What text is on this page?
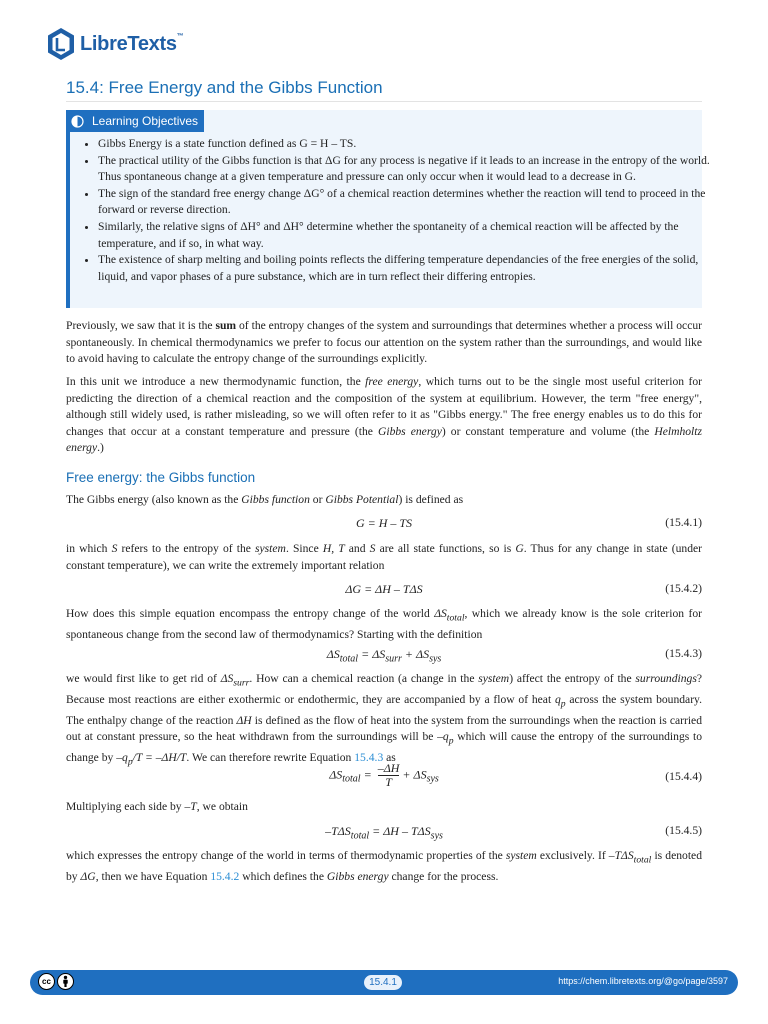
LibreTexts™
15.4: Free Energy and the Gibbs Function
Learning Objectives
• Gibbs Energy is a state function defined as G = H – TS.
• The practical utility of the Gibbs function is that ΔG for any process is negative if it leads to an increase in the entropy of the world. Thus spontaneous change at a given temperature and pressure can only occur when it would lead to a decrease in G.
• The sign of the standard free energy change ΔG° of a chemical reaction determines whether the reaction will tend to proceed in the forward or reverse direction.
• Similarly, the relative signs of ΔH° and ΔH° determine whether the spontaneity of a chemical reaction will be affected by the temperature, and if so, in what way.
• The existence of sharp melting and boiling points reflects the differing temperature dependancies of the free energies of the solid, liquid, and vapor phases of a pure substance, which are in turn reflect their differing entropies.

Previously, we saw that it is the sum of the entropy changes of the system and surroundings that determines whether a process will occur spontaneously. In chemical thermodynamics we prefer to focus our attention on the system rather than the surroundings, and would like to avoid having to calculate the entropy change of the surroundings explicitly.

In this unit we introduce a new thermodynamic function, the free energy, which turns out to be the single most useful criterion for predicting the direction of a chemical reaction and the composition of the system at equilibrium. However, the term "free energy", although still widely used, is rather misleading, so we will often refer to it as "Gibbs energy." The free energy enables us to do this for changes that occur at a constant temperature and pressure (the Gibbs energy) or constant temperature and volume (the Helmholtz energy.)

Free energy: the Gibbs function

The Gibbs energy (also known as the Gibbs function or Gibbs Potential) is defined as

G = H – TS	(15.4.1)

in which S refers to the entropy of the system. Since H, T and S are all state functions, so is G. Thus for any change in state (under constant temperature), we can write the extremely important relation

ΔG = ΔH – TΔS	(15.4.2)

How does this simple equation encompass the entropy change of the world $\Delta S_{total}$, which we already know is the sole criterion for spontaneous change from the second law of thermodynamics? Starting with the definition

$\Delta S_{total} = \Delta S_{surr} + \Delta S_{sys}$	(15.4.3)

we would first like to get rid of $\Delta S_{surr}$. How can a chemical reaction (a change in the system) affect the entropy of the surroundings? Because most reactions are either exothermic or endothermic, they are accompanied by a flow of heat $q_p$ across the system boundary. The enthalpy change of the reaction ΔH is defined as the flow of heat into the system from the surroundings when the reaction is carried out at constant pressure, so the heat withdrawn from the surroundings will be $-q_p$ which will cause the entropy of the surroundings to change by $-q_p/T = -\Delta H/T$. We can therefore rewrite Equation 15.4.3 as

$\Delta S_{total} = \frac{-\Delta H}{T} + \Delta S_{sys}$	(15.4.4)

Multiplying each side by –T, we obtain

$-T\Delta S_{total} = \Delta H - T\Delta S_{sys}$	(15.4.5)

which expresses the entropy change of the world in terms of thermodynamic properties of the system exclusively. If $-T\Delta S_{total}$ is denoted by ΔG, then we have Equation 15.4.2 which defines the Gibbs energy change for the process.

cc	15.4.1	https://chem.libretexts.org/@go/page/3597
